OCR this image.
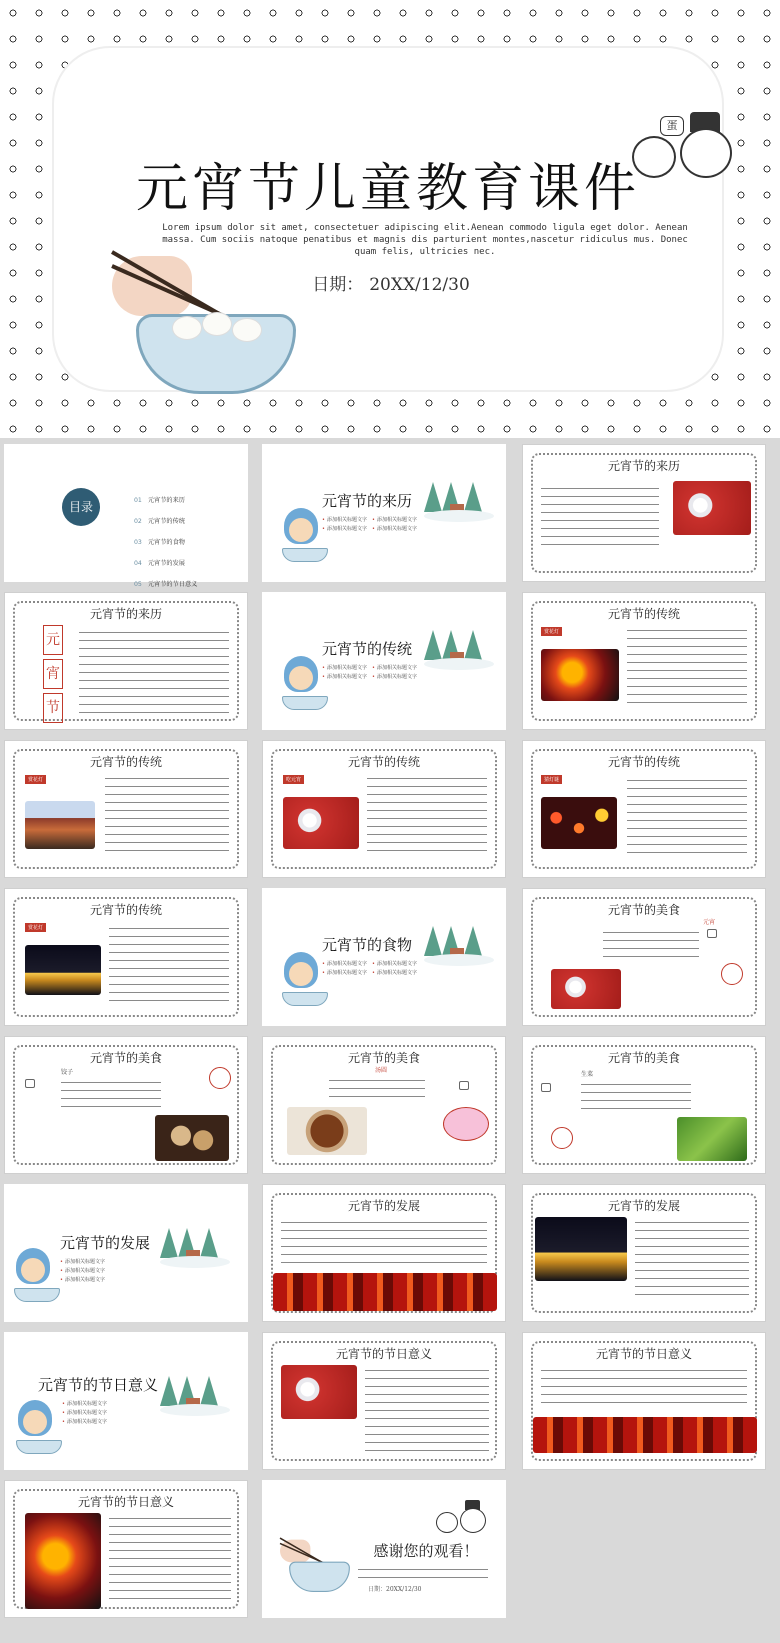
蛋
元宵节儿童教育课件
Lorem ipsum dolor sit amet, consectetuer adipiscing elit.Aenean commodo ligula eget dolor. Aenean massa. Cum sociis natoque penatibus et magnis dis parturient montes,nascetur ridiculus mus. Donec quam felis, ultricies nec.
日期： 20XX/12/30
目录	01 元宵节的来历
02 元宵节的传统
03 元宵节的食物
04 元宵节的发展
05 元宵节的节日意义
元宵节的来历
• 添加相关标题文字　 • 添加相关标题文字
• 添加相关标题文字　 • 添加相关标题文字
元宵节的来历
元宵节的来历
元
宵
节
元宵节的传统
• 添加相关标题文字　 • 添加相关标题文字
• 添加相关标题文字　 • 添加相关标题文字
元宵节的传统
赏花灯
元宵节的传统
赏花灯
元宵节的传统
吃元宵
元宵节的传统
猜灯谜
元宵节的传统
赏花灯
元宵节的食物
• 添加相关标题文字　 • 添加相关标题文字
• 添加相关标题文字　 • 添加相关标题文字
元宵节的美食
元宵
元宵节的美食
饺子
元宵节的美食
汤圆
元宵节的美食
生菜
元宵节的发展
• 添加相关标题文字
• 添加相关标题文字
• 添加相关标题文字
元宵节的发展	元宵节的发展
元宵节的节日意义
• 添加相关标题文字
• 添加相关标题文字
• 添加相关标题文字
元宵节的节日意义	元宵节的节日意义
元宵节的节日意义
感谢您的观看！
日期：20XX/12/30
